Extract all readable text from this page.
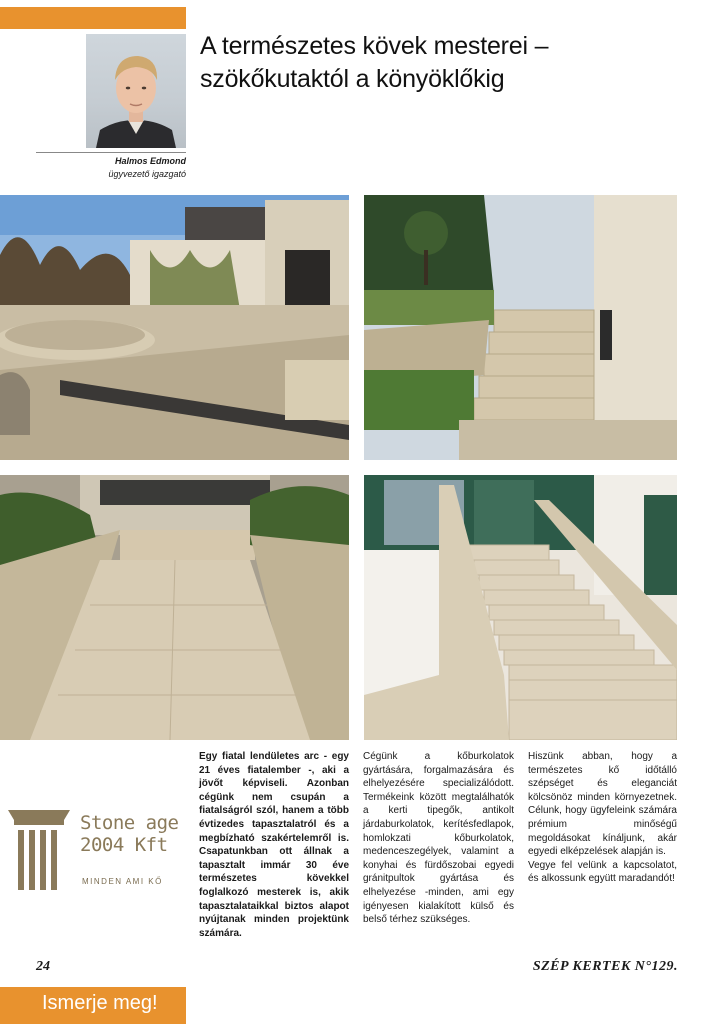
Halmos Edmond
ügyvezető igazgató
A természetes kövek mesterei – szökőkutaktól a könyöklőkig
Stone age 2004 Kft
MINDEN AMI KŐ

Egy fiatal lendületes arc - egy 21 éves fiatalember -, aki a jövőt képviseli. Azonban cégünk nem csupán a fiatalságról szól, hanem a több évtizedes tapasztalatról és a megbízható szakértelemről is. Csapatunkban ott állnak a tapasztalt immár 30 éve természetes kövekkel foglalkozó mesterek is, akik tapasztalataikkal biztos alapot nyújtanak minden projektünk számára.

Cégünk a kőburkolatok gyártására, forgalmazására és elhelyezésére specializálódott. Termékeink között megtalálhatók a kerti tipegők, antikolt járdaburkolatok, kerítésfedlapok, homlokzati kőburkolatok, medenceszegélyek, valamint a konyhai és fürdőszobai egyedi gránitpultok gyártása és elhelyezése -minden, ami egy igényesen kialakított külső és belső térhez szükséges.

Hiszünk abban, hogy a természetes kő időtálló szépséget és eleganciát kölcsönöz minden környezetnek. Célunk, hogy ügyfeleink számára prémium minőségű megoldásokat kínáljunk, akár egyedi elképzelések alapján is.

Vegye fel velünk a kapcsolatot, és alkossunk együtt maradandót!

24	SZÉP KERTEK N°129.
Ismerje meg!
